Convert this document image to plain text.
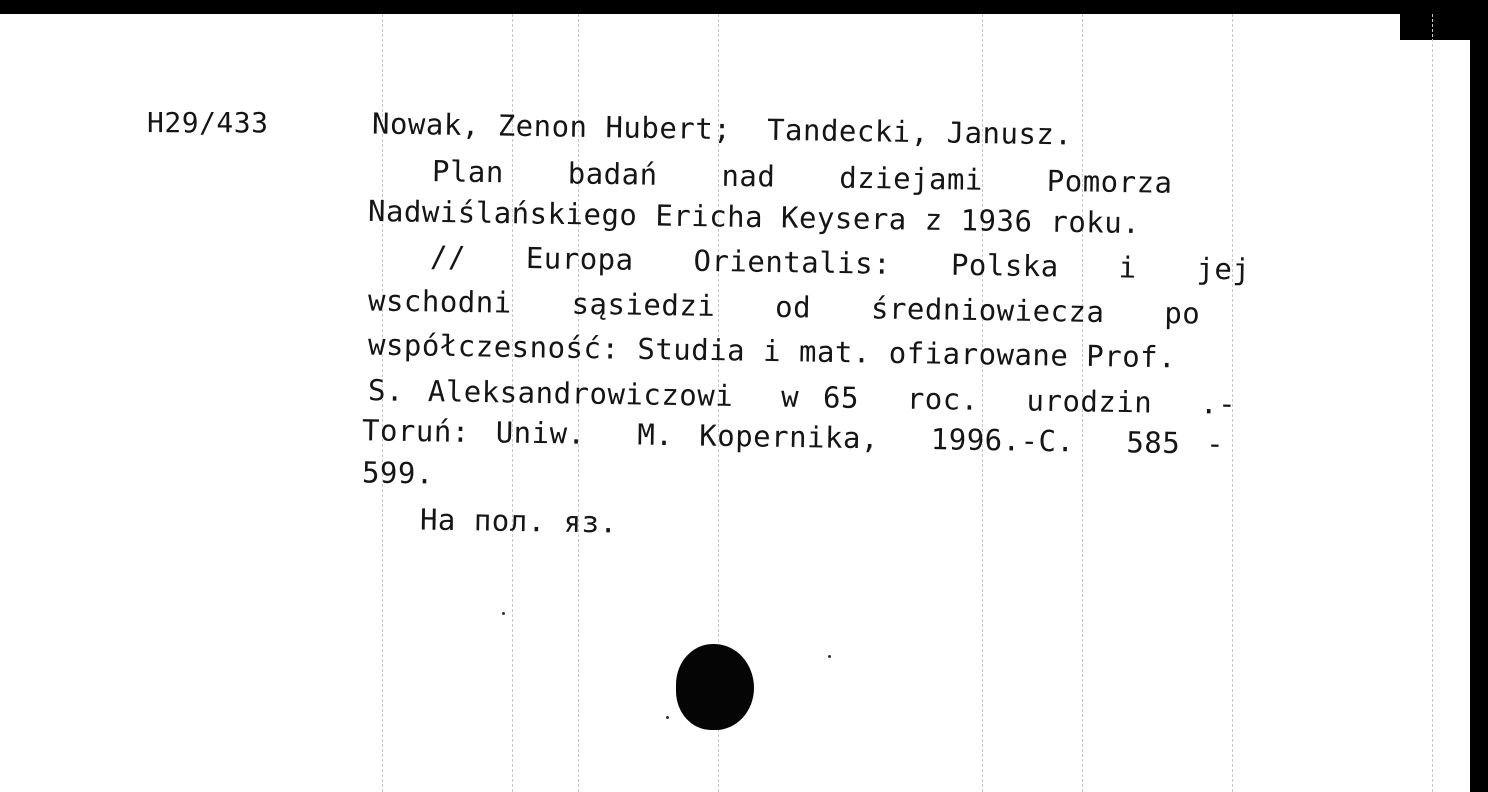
H29/433	Nowak, Zenon Hubert;  Tandecki, Janusz.
Plan  badań  nad  dziejami  Pomorza
Nadwiślańskiego Ericha Keysera z 1936 roku.
//  Europa  Orientalis:  Polska  i  jej
wschodni  sąsiedzi  od  średniowiecza  po
współczesność: Studia i mat. ofiarowane Prof.
S. Aleksandrowiczowi  w 65  roc.  urodzin  .-
Toruń: Uniw.  M. Kopernika,  1996.-C.  585 -
599.
На пол. яз.
